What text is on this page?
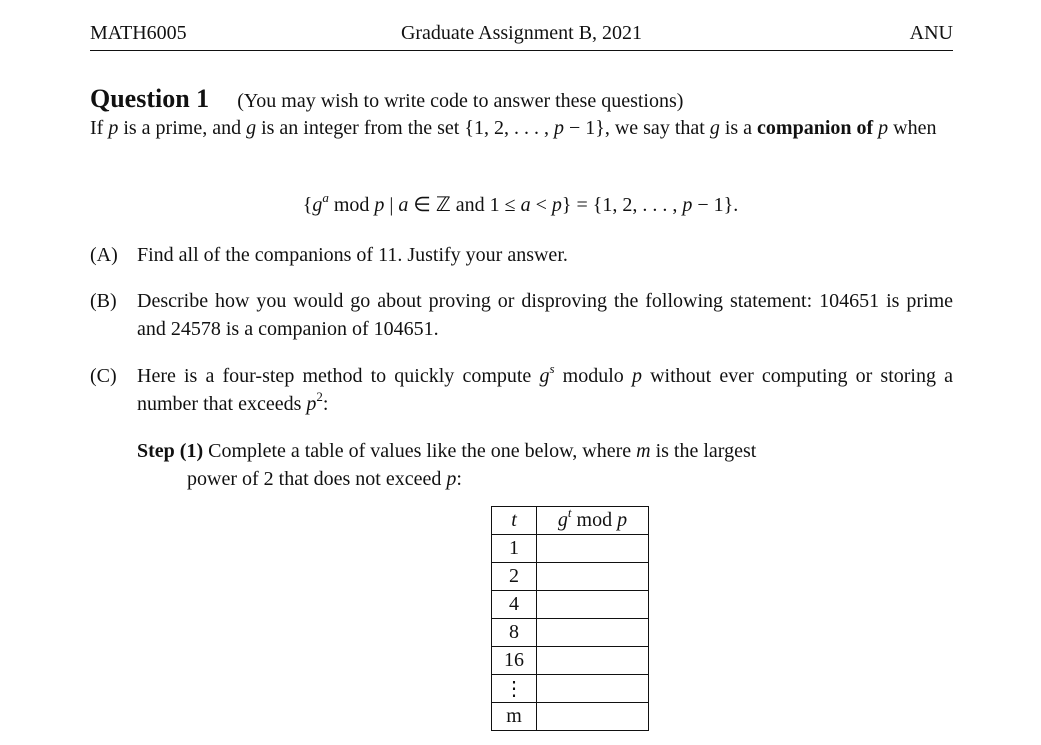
MATH6005	Graduate Assignment B, 2021	ANU
Question 1 (You may wish to write code to answer these questions)
If p is a prime, and g is an integer from the set {1, 2, . . . , p − 1}, we say that g is a companion of p when
{$g^a$ mod p | a ∈ ℤ and 1 ≤ a < p} = {1, 2, . . . , p − 1}.
(A) Find all of the companions of 11. Justify your answer.
(B) Describe how you would go about proving or disproving the following statement: 104651 is prime and 24578 is a companion of 104651.
(C) Here is a four-step method to quickly compute $g^s$ modulo p without ever computing or storing a number that exceeds $p^2$:
Step (1) Complete a table of values like the one below, where m is the largest
power of 2 that does not exceed p:
t	$g^t$ mod p
1	
2	
4	
8	
16	
⋮	
m	
